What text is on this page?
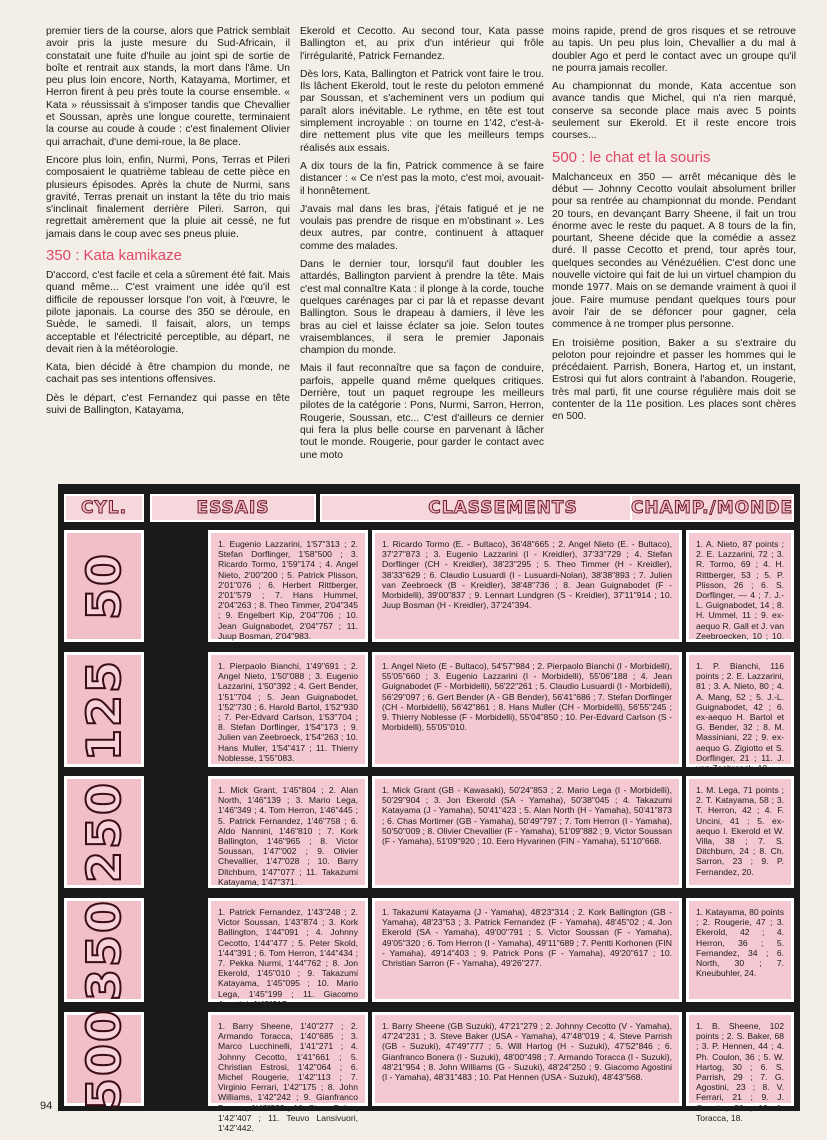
premier tiers de la course, alors que Patrick semblait avoir pris la juste mesure du Sud-Africain, il constatait une fuite d'huile au joint spi de sortie de boîte et rentrait aux stands, la mort dans l'âme. Un peu plus loin encore, North, Katayama, Mortimer, et Herron firent à peu près toute la course ensemble. « Kata » réussissait à s'imposer tandis que Chevallier et Soussan, après une longue courette, terminaient la course au coude à coude : c'est finalement Olivier qui arrachait, d'une demi-roue, la 8e place.

Encore plus loin, enfin, Nurmi, Pons, Terras et Pileri composaient le quatrième tableau de cette pièce en plusieurs épisodes. Après la chute de Nurmi, sans gravité, Terras prenait un instant la tête du trio mais s'inclinait finalement derrière Pileri. Sarron, qui regrettait amèrement que la pluie ait cessé, ne fut jamais dans le coup avec ses pneus pluie.

350 : Kata kamikaze

D'accord, c'est facile et cela a sûrement été fait. Mais quand même... C'est vraiment une idée qu'il est difficile de repousser lorsque l'on voit, à l'œuvre, le pilote japonais. La course des 350 se déroule, en Suède, le samedi. Il faisait, alors, un temps acceptable et l'électricité perceptible, au départ, ne devait rien à la météorologie.

Kata, bien décidé à être champion du monde, ne cachait pas ses intentions offensives.

Dès le départ, c'est Fernandez qui passe en tête suivi de Ballington, Katayama,

Ekerold et Cecotto. Au second tour, Kata passe Ballington et, au prix d'un intérieur qui frôle l'irrégularité, Patrick Fernandez.

Dès lors, Kata, Ballington et Patrick vont faire le trou. Ils lâchent Ekerold, tout le reste du peloton emmené par Soussan, et s'acheminent vers un podium qui paraît alors inévitable. Le rythme, en tête est tout simplement incroyable : on tourne en 1'42, c'est-à-dire nettement plus vite que les meilleurs temps réalisés aux essais.

A dix tours de la fin, Patrick commence à se faire distancer : « Ce n'est pas la moto, c'est moi, avouait-il honnêtement.

J'avais mal dans les bras, j'étais fatigué et je ne voulais pas prendre de risque en m'obstinant ». Les deux autres, par contre, continuent à attaquer comme des malades.

Dans le dernier tour, lorsqu'il faut doubler les attardés, Ballington parvient à prendre la tête. Mais c'est mal connaître Kata : il plonge à la corde, touche quelques carénages par ci par là et repasse devant Ballington. Sous le drapeau à damiers, il lève les bras au ciel et laisse éclater sa joie. Selon toutes vraisemblances, il sera le premier Japonais champion du monde.

Mais il faut reconnaître que sa façon de conduire, parfois, appelle quand même quelques critiques. Derrière, tout un paquet regroupe les meilleurs pilotes de la catégorie : Pons, Nurmi, Sarron, Herron, Rougerie, Soussan, etc... C'est d'ailleurs ce dernier qui fera la plus belle course en parvenant à lâcher tout le monde. Rougerie, pour garder le contact avec une moto

moins rapide, prend de gros risques et se retrouve au tapis. Un peu plus loin, Chevallier a du mal à doubler Ago et perd le contact avec un groupe qu'il ne pourra jamais recoller.

Au championnat du monde, Kata accentue son avance tandis que Michel, qui n'a rien marqué, conserve sa seconde place mais avec 5 points seulement sur Ekerold. Et il reste encore trois courses...

500 : le chat et la souris

Malchanceux en 350 — arrêt mécanique dès le début — Johnny Cecotto voulait absolument briller pour sa rentrée au championnat du monde. Pendant 20 tours, en devançant Barry Sheene, il fait un trou énorme avec le reste du paquet. A 8 tours de la fin, pourtant, Sheene décide que la comédie a assez duré. Il passe Cecotto et prend, tour après tour, quelques secondes au Vénézuélien. C'est donc une nouvelle victoire qui fait de lui un virtuel champion du monde 1977. Mais on se demande vraiment à quoi il joue. Faire mumuse pendant quelques tours pour avoir l'air de se défoncer pour gagner, cela commence à ne tromper plus personne.

En troisième position, Baker a su s'extraire du peloton pour rejoindre et passer les hommes qui le précédaient. Parrish, Bonera, Hartog et, un instant, Estrosi qui fut alors contraint à l'abandon. Rougerie, très mal parti, fit une course régulière mais doit se contenter de la 11e position. Les places sont chères en 500.

CYL.	ESSAIS	CLASSEMENTS	CHAMP./MONDE
50
1. Eugenio Lazzarini, 1'57"313 ; 2. Stefan Dorflinger, 1'58"500 ; 3. Ricardo Tormo, 1'59"174 ; 4. Angel Nieto, 2'00"200 ; 5. Patrick Plisson, 2'01"076 ; 6. Herbert Rittberger, 2'01"579 ; 7. Hans Hummel, 2'04"263 ; 8. Theo Timmer, 2'04"345 ; 9. Engelbert Kip, 2'04"706 ; 10. Jean Guignabodet, 2'04"757 ; 11. Juup Bosman, 2'04"983.
1. Ricardo Tormo (E. - Bultaco), 36'48"665 ; 2. Angel Nieto (E. - Bultaco), 37'27"873 ; 3. Eugenio Lazzarini (I - Kreidler), 37'33"729 ; 4. Stefan Dorflinger (CH - Kreidler), 38'23"295 ; 5. Theo Timmer (H - Kreidler), 38'33"629 ; 6. Claudio Lusuardi (I - Lusuardi-Nolan), 38'38"893 ; 7. Julien van Zeebroeck (B - Kreidler), 38'48"736 ; 8. Jean Guignabodet (F - Morbidelli), 39'00"837 ; 9. Lennart Lundgren (S - Kreidler), 37'11"914 ; 10. Juup Bosman (H - Kreidler), 37'24"394.
1. A. Nieto, 87 points ; 2. E. Lazzarini, 72 ; 3. R. Tormo, 69 ; 4. H. Rittberger, 53 ; 5. P. Plisson, 26 ; 6. S. Dorflinger, — 4 ; 7. J.-L. Guignabodet, 14 ; 8. H. Ummel, 11 ; 9. ex-aequo R. Gall et J. van Zeebroecken, 10 ; 10. ex-aequo U. Graf et H.
125	1. Pierpaolo Bianchi, 1'49"691 ; 2. Angel Nieto, 1'50"088 ; 3. Eugenio Lazzarini, 1'50"392 ; 4. Gert Bender, 1'51"704 ; 5. Jean Guignabodet, 1'52"730 ; 6. Harold Bartol, 1'52"930 ; 7. Per-Edvard Carlson, 1'53"704 ; 8. Stefan Dorflinger, 1'54"173 ; 9. Julien van Zeebroeck, 1'54"263 ; 10. Hans Muller, 1'54"417 ; 11. Thierry Noblesse, 1'55"083.
1. Angel Nieto (E - Bultaco), 54'57"984 ; 2. Pierpaolo Bianchi (I - Morbidelli), 55'05"660 ; 3. Eugenio Lazzarini (I - Morbidelli), 55'06"188 ; 4. Jean Guignabodet (F - Morbidelli), 56'22"261 ; 5. Claudio Lusuardi (I - Morbidelli), 56'29"097 ; 6. Gert Bender (A - GB Bender), 56'41"686 ; 7. Stefan Dorflinger (CH - Morbidelli), 56'42"861 ; 8. Hans Muller (CH - Morbidelli), 56'55"245 ; 9. Thierry Noblesse (F - Morbidelli), 55'04"850 ; 10. Per-Edvard Carlson (S - Morbidelli), 55'05"010.
1. P. Bianchi, 116 points ; 2. E. Lazzarini, 81 ; 3. A. Nieto, 80 ; 4. A. Mang, 52 ; 5. J.-L. Guignabodet, 42 ; 6. ex-aequo H. Bartol et G. Bender, 32 ; 8. M. Massiniani, 22 ; 9. ex-aequo G. Zigiotto et S. Dorflinger, 21 ; 11. J. van Zeebroeck, 19.
250	1. Mick Grant, 1'45"804 ; 2. Alan North, 1'46"139 ; 3. Mario Lega, 1'46"349 ; 4. Tom Herron, 1'46"445 ; 5. Patrick Fernandez, 1'46"758 ; 6. Aldo Nannini, 1'46"810 ; 7. Kork Ballington, 1'46"965 ; 8. Victor Soussan, 1'47"002 ; 9. Olivier Chevallier, 1'47"028 ; 10. Barry Ditchburn, 1'47"077 ; 11. Takazumi Katayama, 1'47"371.
1. Mick Grant (GB - Kawasaki), 50'24"853 ; 2. Mario Lega (I - Morbidelli), 50'29"904 ; 3. Jon Ekerold (SA - Yamaha), 50'38"045 ; 4. Takazumi Katayama (J - Yamaha), 50'41"423 ; 5. Alan North (H - Yamaha), 50'41"873 ; 6. Chas Mortimer (GB - Yamaha), 50'49"797 ; 7. Tom Herron (I - Yamaha), 50'50"009 ; 8. Olivier Chevallier (F - Yamaha), 51'09"882 ; 9. Victor Soussan (F - Yamaha), 51'09"920 ; 10. Eero Hyvarinen (FIN - Yamaha), 51'10"668.
1. M. Lega, 71 points ; 2. T. Katayama, 58 ; 3. T. Herron, 42 ; 4. F. Uncini, 41 ; 5. ex-aequo I. Ekerold et W. Villa, 38 ; 7. S. Ditchburn, 24 ; 8. Ch. Sarron, 23 ; 9. P. Fernandez, 20.
350	1. Patrick Fernandez, 1'43"248 ; 2. Victor Soussan, 1'43"874 ; 3. Kork Ballington, 1'44"091 ; 4. Johnny Cecotto, 1'44"477 ; 5. Peter Skold, 1'44"391 ; 6. Tom Herron, 1'44"434 ; 7. Pekka Nurmi, 1'44"762 ; 8. Jon Ekerold, 1'45"010 ; 9. Takazumi Katayama, 1'45"095 ; 10. Mario Lega, 1'45"199 ; 11. Giacomo Agostini, 1'45"217.
1. Takazumi Katayama (J - Yamaha), 48'23"314 ; 2. Kork Ballington (GB - Yamaha), 48'23"53 ; 3. Patrick Fernandez (F - Yamaha), 48'45"02 ; 4. Jon Ekerold (SA - Yamaha), 49'00"791 ; 5. Victor Soussan (F - Yamaha), 49'05"320 ; 6. Tom Herron (I - Yamaha), 49'11"689 ; 7. Pentti Korhonen (FIN - Yamaha), 49'14"403 ; 9. Patrick Pons (F - Yamaha), 49'20"617 ; 10. Christian Sarron (F - Yamaha), 49'26"277.
1. Katayama, 80 points ; 2. Rougerie, 47 ; 3. Ekerold, 42 ; 4. Herron, 36 ; 5. Fernandez, 34 ; 6. North, 30 ; 7. Kneubuhler, 24.
500	1. Barry Sheene, 1'40"277 ; 2. Armando Toracca, 1'40"685 ; 3. Marco Lucchinelli, 1'41"271 ; 4. Johnny Cecotto, 1'41"661 ; 5. Christian Estrosi, 1'42"064 ; 6. Michel Rougerie, 1'42"113 ; 7. Virginio Ferrari, 1'42"175 ; 8. John Williams, 1'42"242 ; 9. Gianfranco Bonera, 1'42"332 ; 10. Steve Baker, 1'42"407 ; 11. Teuvo Lansivuori, 1'42"442.
1. Barry Sheene (GB Suzuki), 47'21"279 ; 2. Johnny Cecotto (V - Yamaha), 47'24"231 ; 3. Steve Baker (USA - Yamaha), 47'48"019 ; 4. Steve Parrish (GB - Suzuki), 47'49"777 ; 5. Will Hartog (H - Suzuki), 47'52"846 ; 6. Gianfranco Bonera (I - Suzuki), 48'00"498 ; 7. Armando Toracca (I - Suzuki), 48'21"954 ; 8. John Williams (G - Suzuki), 48'24"250 ; 9. Giacomo Agostini (I - Yamaha), 48'31"483 ; 10. Pat Hennen (USA - Suzuki), 48'43"568.
1. B. Sheene, 102 points ; 2. S. Baker, 68 ; 3. P. Hennen, 44 ; 4. Ph. Coulon, 36 ; 5. W. Hartog, 30 ; 6. S. Parrish, 29 ; 7. G. Agostini, 23 ; 8. V. Ferrari, 21 ; 9. J. Cecotto, 20 ; 10. A. Toracca, 18.
94
